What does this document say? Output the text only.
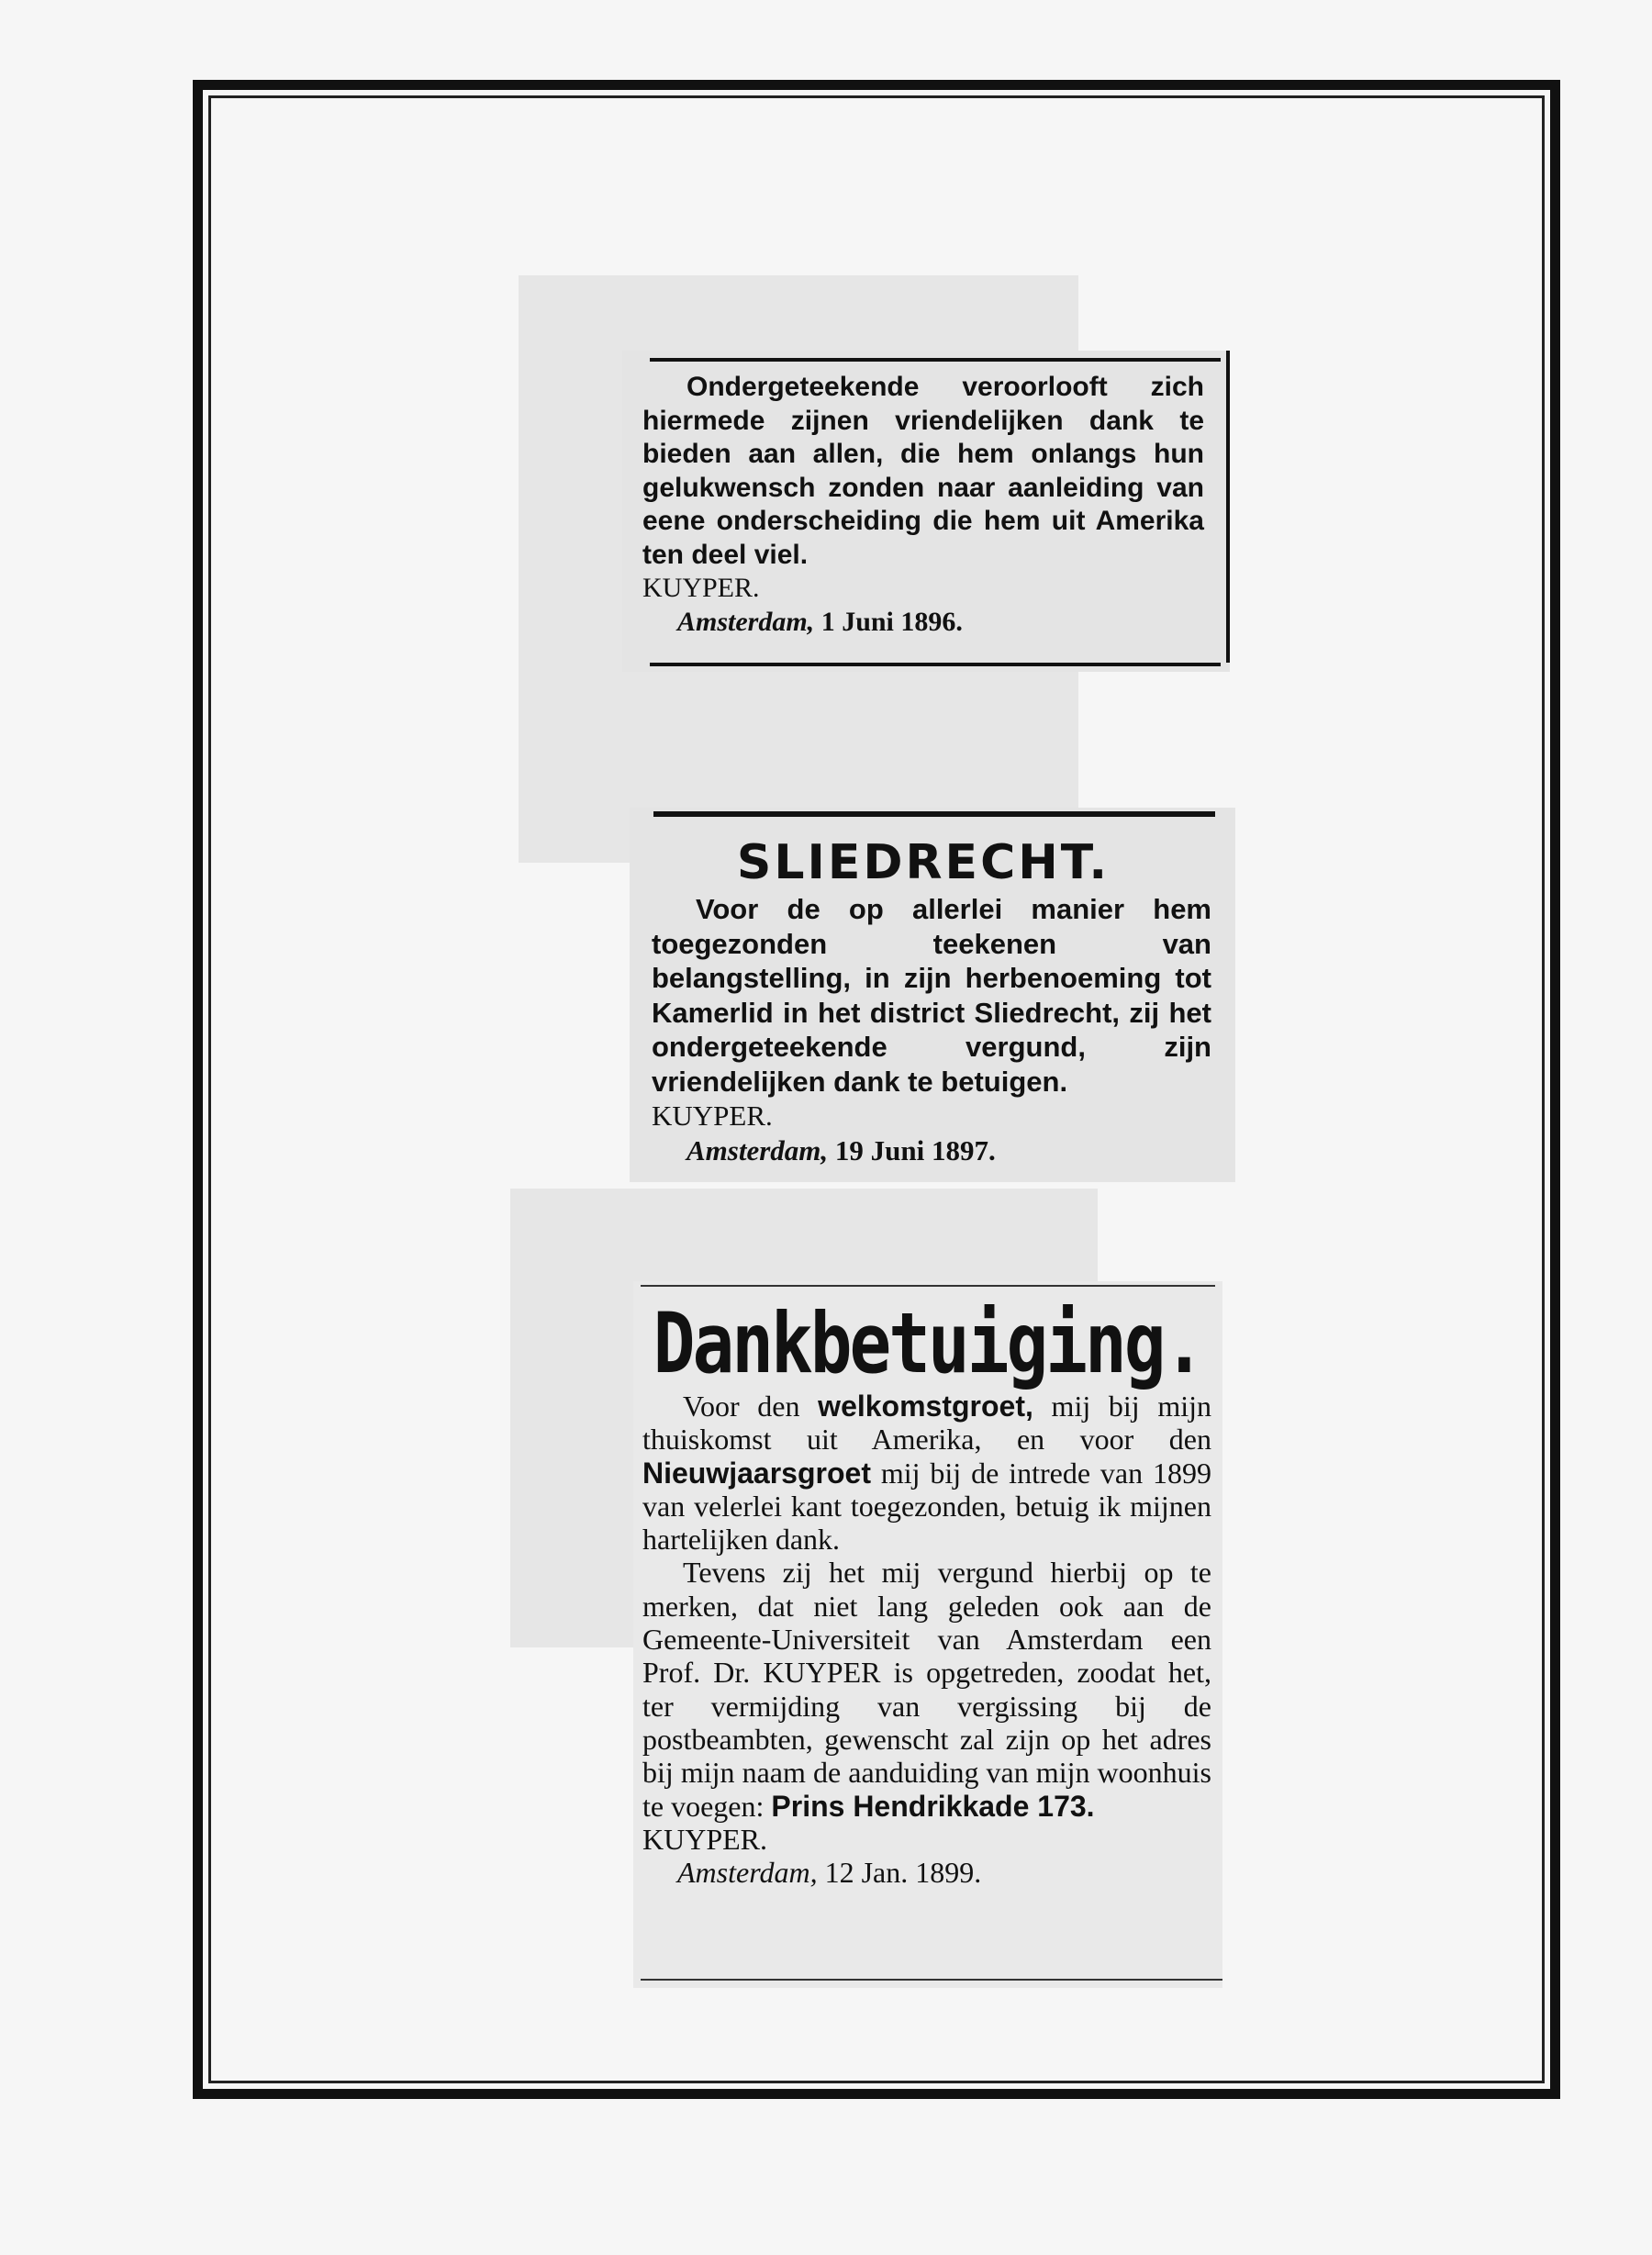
Ondergeteekende veroorlooft zich hiermede zijnen vriendelijken dank te bieden aan allen, die hem onlangs hun gelukwensch zonden naar aanleiding van eene onderscheiding die hem uit Amerika ten deel viel.

KUYPER.
Amsterdam, 1 Juni 1896.
SLIEDRECHT.

Voor de op allerlei manier hem toegezonden teekenen van belangstelling, in zijn herbenoeming tot Kamerlid in het district Sliedrecht, zij het ondergeteekende vergund, zijn vriendelijken dank te betuigen.

KUYPER.
Amsterdam, 19 Juni 1897.
Dankbetuiging.

Voor den welkomstgroet, mij bij mijn thuiskomst uit Amerika, en voor den Nieuwjaarsgroet mij bij de intrede van 1899 van velerlei kant toegezonden, betuig ik mijnen hartelijken dank.

Tevens zij het mij vergund hierbij op te merken, dat niet lang geleden ook aan de Gemeente-Universiteit van Amsterdam een Prof. Dr. KUYPER is opgetreden, zoodat het, ter vermijding van vergissing bij de postbeambten, gewenscht zal zijn op het adres bij mijn naam de aanduiding van mijn woonhuis te voegen: Prins Hendrikkade 173.

KUYPER.
Amsterdam, 12 Jan. 1899.
